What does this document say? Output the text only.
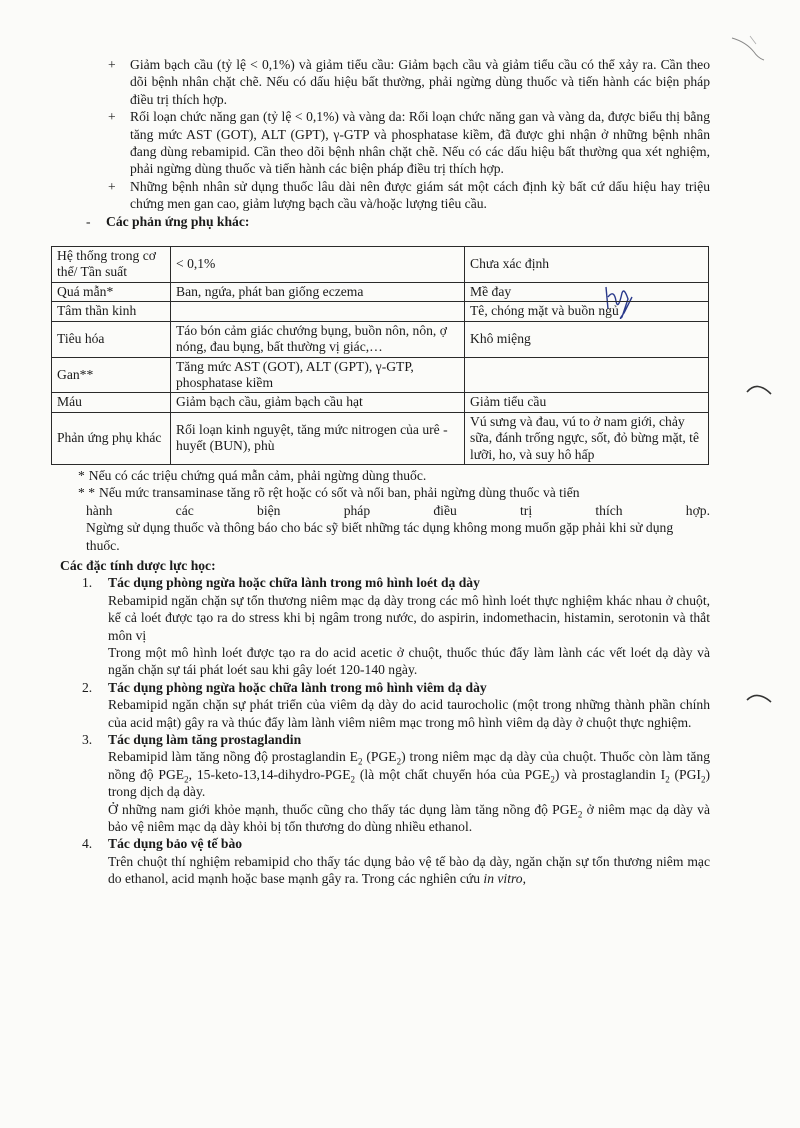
+	Giảm bạch cầu (tỷ lệ < 0,1%) và giảm tiểu cầu: Giảm bạch cầu và giảm tiểu cầu có thể xảy ra. Cần theo dõi bệnh nhân chặt chẽ. Nếu có dấu hiệu bất thường, phải ngừng dùng thuốc và tiến hành các biện pháp điều trị thích hợp.
+	Rối loạn chức năng gan (tỷ lệ < 0,1%) và vàng da: Rối loạn chức năng gan và vàng da, được biểu thị bằng tăng mức AST (GOT), ALT (GPT), γ-GTP và phosphatase kiềm, đã được ghi nhận ở những bệnh nhân đang dùng rebamipid. Cần theo dõi bệnh nhân chặt chẽ. Nếu có các dấu hiệu bất thường qua xét nghiệm, phải ngừng dùng thuốc và tiến hành các biện pháp điều trị thích hợp.
+	Những bệnh nhân sử dụng thuốc lâu dài nên được giám sát một cách định kỳ bất cứ dấu hiệu hay triệu chứng men gan cao, giảm lượng bạch cầu và/hoặc lượng tiêu cầu.
-	Các phản ứng phụ khác:
Hệ thống trong cơ thể/ Tần suất	< 0,1%	Chưa xác định
Quá mẫn*	Ban, ngứa, phát ban giống eczema	Mề đay
Tâm thần kinh		Tê, chóng mặt và buồn ngủ
Tiêu hóa	Táo bón cảm giác chướng bụng, buồn nôn, nôn, ợ nóng, đau bụng, bất thường vị giác,…	Khô miệng
Gan**	Tăng mức AST (GOT), ALT (GPT), γ-GTP, phosphatase kiềm	
Máu	Giảm bạch cầu, giảm bạch cầu hạt	Giảm tiểu cầu
Phản ứng phụ khác	Rối loạn kinh nguyệt, tăng mức nitrogen của urê - huyết (BUN), phù	Vú sưng và đau, vú to ở nam giới, chảy sữa, đánh trống ngực, sốt, đỏ bừng mặt, tê lưỡi, ho, và suy hô hấp
* Nếu có các triệu chứng quá mẫn cảm, phải ngừng dùng thuốc.
* * Nếu mức transaminase tăng rõ rệt hoặc có sốt và nổi ban, phải ngừng dùng thuốc và tiến
hành các biện pháp điều trị thích hợp.
Ngừng sử dụng thuốc và thông báo cho bác sỹ biết những tác dụng không mong muốn gặp phải khi sử dụng thuốc.
Các đặc tính dược lực học:
1.	Tác dụng phòng ngừa hoặc chữa lành trong mô hình loét dạ dày

Rebamipid ngăn chặn sự tổn thương niêm mạc dạ dày trong các mô hình loét thực nghiệm khác nhau ở chuột, kể cả loét được tạo ra do stress khi bị ngâm trong nước, do aspirin, indomethacin, histamin, serotonin và thắt môn vị

Trong một mô hình loét được tạo ra do acid acetic ở chuột, thuốc thúc đẩy làm lành các vết loét dạ dày và ngăn chặn sự tái phát loét sau khi gây loét 120-140 ngày.

2.	Tác dụng phòng ngừa hoặc chữa lành trong mô hình viêm dạ dày

Rebamipid ngăn chặn sự phát triển của viêm dạ dày do acid taurocholic (một trong những thành phần chính của acid mật) gây ra và thúc đẩy làm lành viêm niêm mạc trong mô hình viêm dạ dày ở chuột thực nghiệm.

3.	Tác dụng làm tăng prostaglandin

Rebamipid làm tăng nồng độ prostaglandin $E_2$ $(PGE_2)$ trong niêm mạc dạ dày của chuột. Thuốc còn làm tăng nồng độ $PGE_2$, $15-keto-13,14-dihydro-PGE_2$ (là một chất chuyển hóa của $PGE_2$) và prostaglandin $I_2$ $(PGI_2)$ trong dịch dạ dày.

Ở những nam giới khỏe mạnh, thuốc cũng cho thấy tác dụng làm tăng nồng độ $PGE_2$ ở niêm mạc dạ dày và bảo vệ niêm mạc dạ dày khỏi bị tổn thương do dùng nhiều ethanol.

4.	Tác dụng bảo vệ tế bào

Trên chuột thí nghiệm rebamipid cho thấy tác dụng bảo vệ tế bào dạ dày, ngăn chặn sự tổn thương niêm mạc do ethanol, acid mạnh hoặc base mạnh gây ra. Trong các nghiên cứu in vitro,
